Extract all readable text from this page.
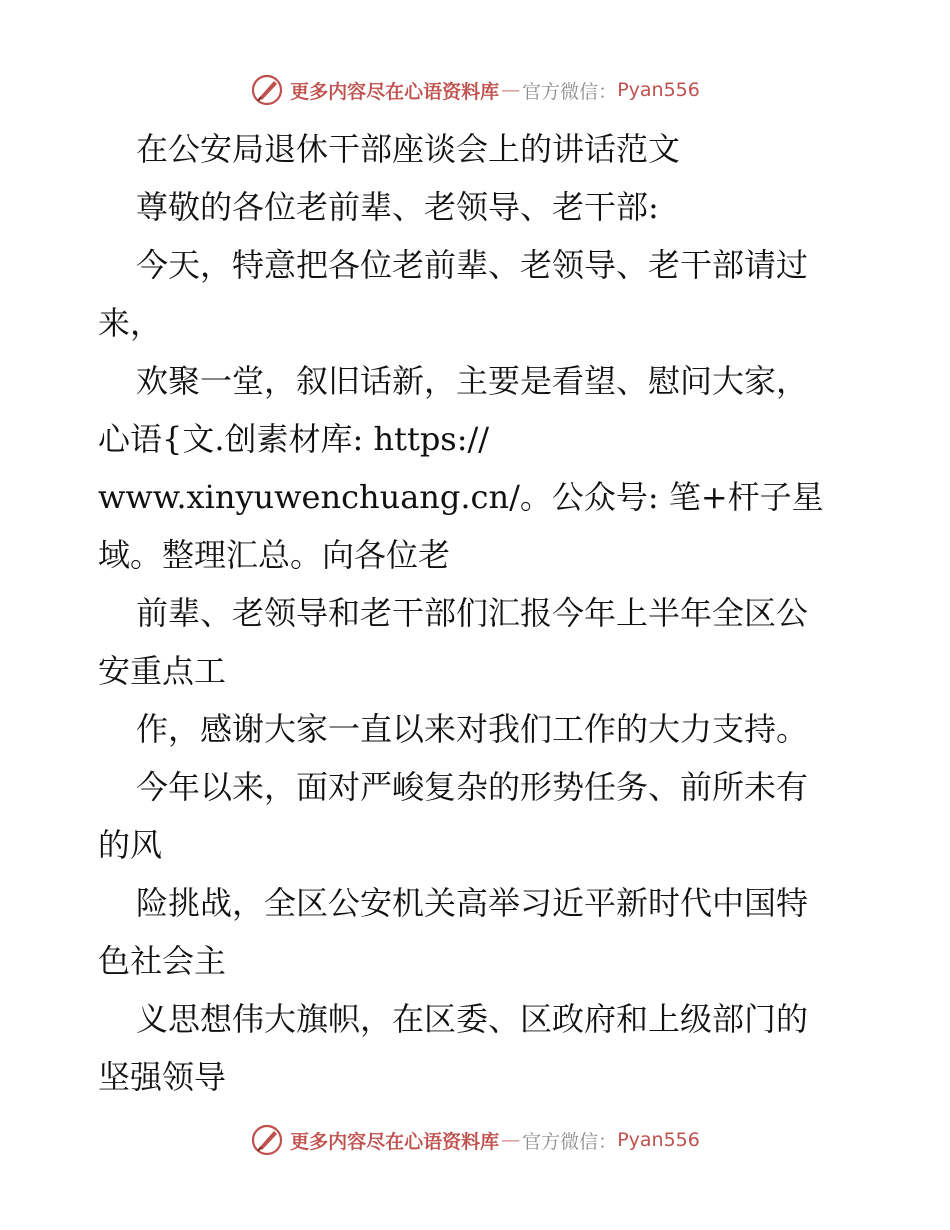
更多内容尽在心语资料库 — 官方微信： Pyan556
在公安局退休干部座谈会上的讲话范文
尊敬的各位老前辈、老领导、老干部:
今天，特意把各位老前辈、老领导、老干部请过
来，
欢聚一堂，叙旧话新，主要是看望、慰问大家，
心语{文.创素材库: https://
www.xinyuwenchuang.cn/。公众号: 笔+杆子星
域。整理汇总。向各位老
前辈、老领导和老干部们汇报今年上半年全区公
安重点工
作，感谢大家一直以来对我们工作的大力支持。
今年以来，面对严峻复杂的形势任务、前所未有
的风
险挑战，全区公安机关高举习近平新时代中国特
色社会主
义思想伟大旗帜，在区委、区政府和上级部门的
坚强领导
更多内容尽在心语资料库 — 官方微信： Pyan556
